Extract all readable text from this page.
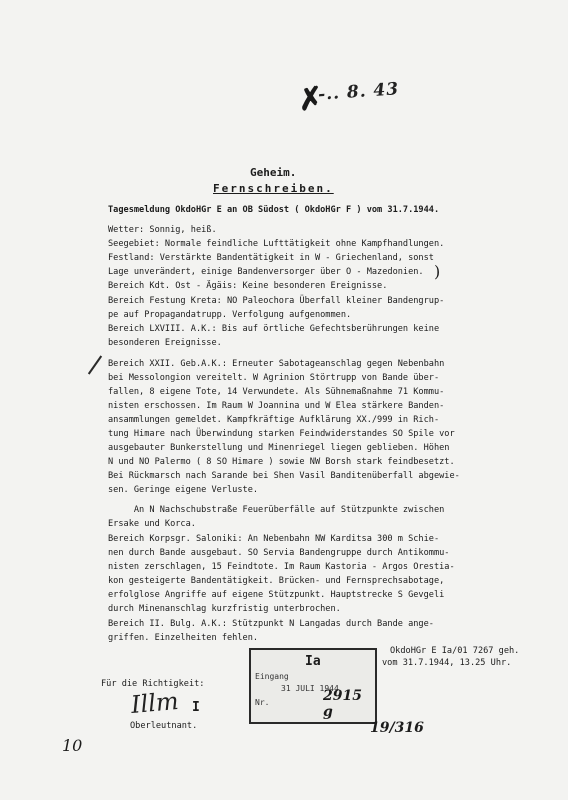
✗
-.. 8. 43
Geheim.
Fernschreiben.
Tagesmeldung OkdoHGr E an OB Südost ( OkdoHGr F ) vom 31.7.1944.
Wetter: Sonnig, heiß.
Seegebiet: Normale feindliche Lufttätigkeit ohne Kampfhandlungen.
Festland: Verstärkte Bandentätigkeit in W - Griechenland, sonst
Lage unverändert, einige Bandenversorger über O - Mazedonien.
Bereich Kdt. Ost - Ägäis: Keine besonderen Ereignisse.
Bereich Festung Kreta: NO Paleochora Überfall kleiner Bandengrup-
pe auf Propagandatrupp. Verfolgung aufgenommen.
Bereich LXVIII. A.K.: Bis auf örtliche Gefechtsberührungen keine
besonderen Ereignisse.
Bereich XXII. Geb.A.K.: Erneuter Sabotageanschlag gegen Nebenbahn
bei Messolongion vereitelt. W Agrinion Störtrupp von Bande über-
fallen, 8 eigene Tote, 14 Verwundete. Als Sühnemaßnahme 71 Kommu-
nisten erschossen. Im Raum W Joannina und W Elea stärkere Banden-
ansammlungen gemeldet. Kampfkräftige Aufklärung XX./999 in Rich-
tung Himare nach Überwindung starken Feindwiderstandes SO Spile vor
ausgebauter Bunkerstellung und Minenriegel liegen geblieben. Höhen
N und NO Palermo ( 8 SO Himare ) sowie NW Borsh stark feindbesetzt.
Bei Rückmarsch nach Sarande bei Shen Vasil Banditenüberfall abgewie-
sen. Geringe eigene Verluste.
An N Nachschubstraße Feuerüberfälle auf Stützpunkte zwischen
Ersake und Korca.
Bereich Korpsgr. Saloniki: An Nebenbahn NW Karditsa 300 m Schie-
nen durch Bande ausgebaut. SO Servia Bandengruppe durch Antikommu-
nisten zerschlagen, 15 Feindtote. Im Raum Kastoria - Argos Orestia-
kon gesteigerte Bandentätigkeit. Brücken- und Fernsprechsabotage,
erfolglose Angriffe auf eigene Stützpunkt. Hauptstrecke S Gevgeli
durch Minenanschlag kurzfristig unterbrochen.
Bereich II. Bulg. A.K.: Stützpunkt N Langadas durch Bande ange-
griffen. Einzelheiten fehlen.
)
OkdoHGr E Ia/01 7267 geh.
vom 31.7.1944, 13.25 Uhr.
Ia
Eingang
31 JULI 1944
Nr.	2915 g
19/316
Für die Richtigkeit:
Illm I
Oberleutnant.
10
